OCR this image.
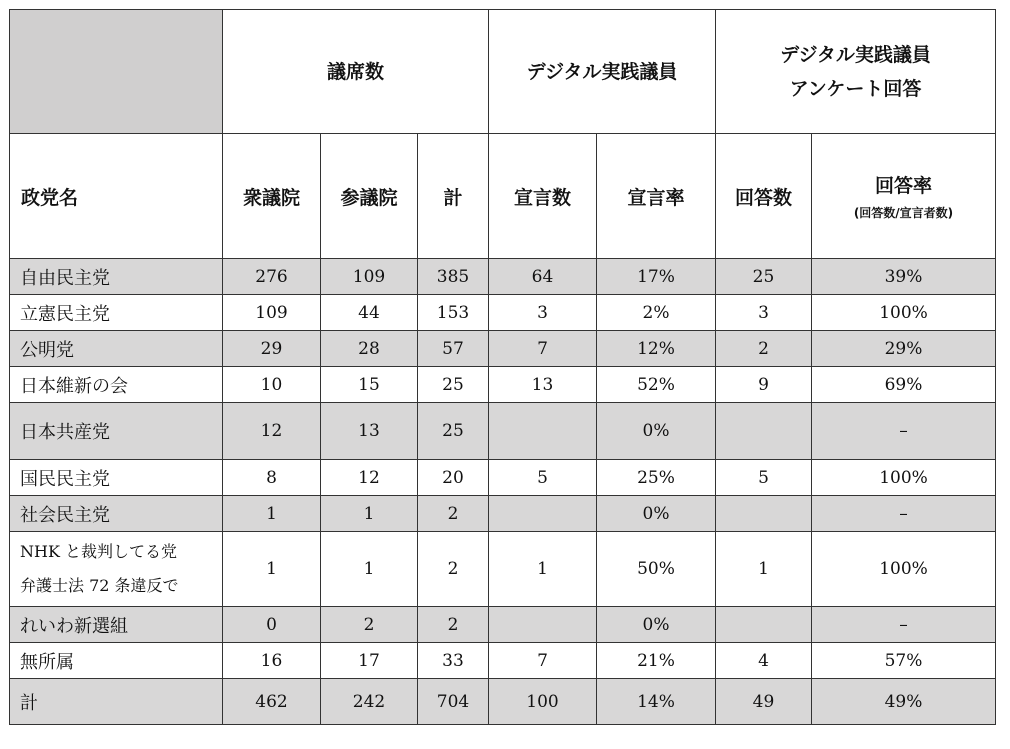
	議席数			デジタル実践議員		デジタル実践議員
アンケート回答	

政党名	衆議院	参議院	計	宣言数	宣言率	回答数	回答率
(回答数/宣言者数)

自由民主党	276	109	385	64	17%	25	39%
立憲民主党	109	44	153	3	2%	3	100%
公明党	29	28	57	7	12%	2	29%
日本維新の会	10	15	25	13	52%	9	69%
日本共産党	12	13	25		0%		–
国民民主党	8	12	20	5	25%	5	100%
社会民主党	1	1	2		0%		–

NHK と裁判してる党
弁護士法 72 条違反で	1	1	2	1	50%	1	100%
れいわ新選組	0	2	2		0%		–
無所属	16	17	33	7	21%	4	57%
計	462	242	704	100	14%	49	49%
